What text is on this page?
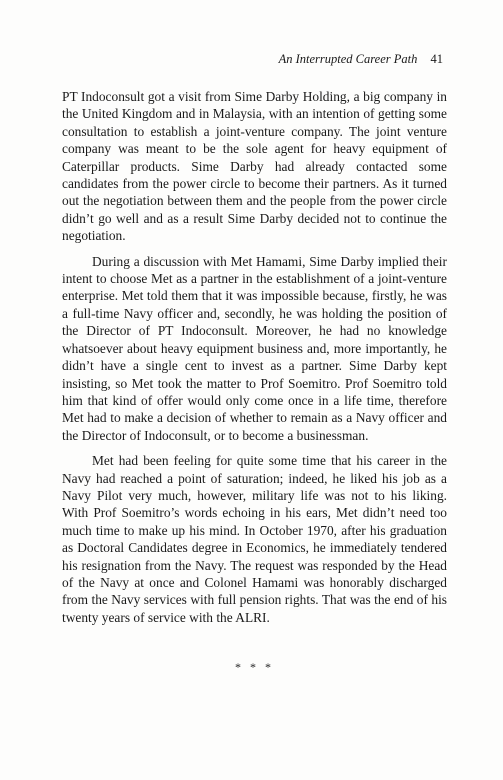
An Interrupted Career Path 41

PT Indoconsult got a visit from Sime Darby Holding, a big company in the United Kingdom and in Malaysia, with an intention of getting some consultation to establish a joint-venture company. The joint venture company was meant to be the sole agent for heavy equipment of Caterpillar products. Sime Darby had already contacted some candidates from the power circle to become their partners. As it turned out the negotiation between them and the people from the power circle didn’t go well and as a result Sime Darby decided not to continue the negotiation.

During a discussion with Met Hamami, Sime Darby implied their intent to choose Met as a partner in the establishment of a joint-venture enterprise. Met told them that it was impossible because, firstly, he was a full-time Navy officer and, secondly, he was holding the position of the Director of PT Indoconsult. Moreover, he had no knowledge whatsoever about heavy equipment business and, more importantly, he didn’t have a single cent to invest as a partner. Sime Darby kept insisting, so Met took the matter to Prof Soemitro. Prof Soemitro told him that kind of offer would only come once in a life time, therefore Met had to make a decision of whether to remain as a Navy officer and the Director of Indoconsult, or to become a businessman.

Met had been feeling for quite some time that his career in the Navy had reached a point of saturation; indeed, he liked his job as a Navy Pilot very much, however, military life was not to his liking. With Prof Soemitro’s words echoing in his ears, Met didn’t need too much time to make up his mind. In October 1970, after his graduation as Doctoral Candidates degree in Economics, he immediately tendered his resignation from the Navy. The request was responded by the Head of the Navy at once and Colonel Hamami was honorably discharged from the Navy services with full pension rights. That was the end of his twenty years of service with the ALRI.

* * *
